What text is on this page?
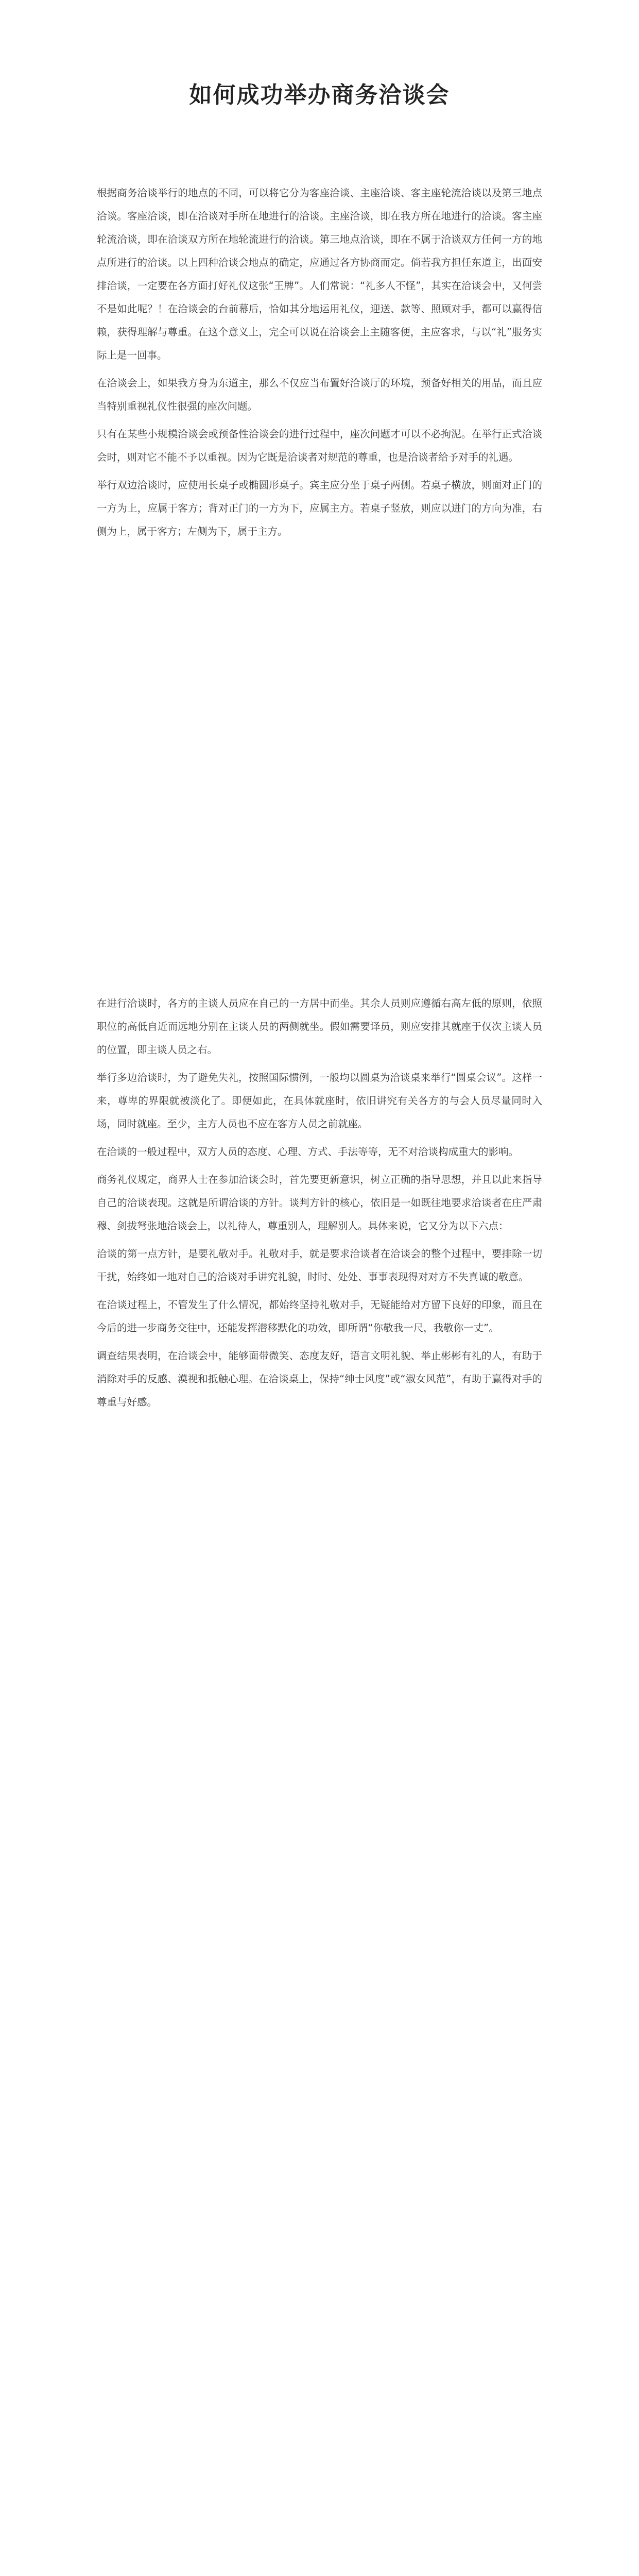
如何成功举办商务洽谈会

根据商务洽谈举行的地点的不同，可以将它分为客座洽谈、主座洽谈、客主座轮流洽谈以及第三地点洽谈。客座洽谈，即在洽谈对手所在地进行的洽谈。主座洽谈，即在我方所在地进行的洽谈。客主座轮流洽谈，即在洽谈双方所在地轮流进行的洽谈。第三地点洽谈，即在不属于洽谈双方任何一方的地点所进行的洽谈。以上四种洽谈会地点的确定，应通过各方协商而定。倘若我方担任东道主，出面安排洽谈，一定要在各方面打好礼仪这张“王牌”。人们常说：“礼多人不怪”，其实在洽谈会中，又何尝不是如此呢？！在洽谈会的台前幕后，恰如其分地运用礼仪，迎送、款等、照顾对手，都可以赢得信赖，获得理解与尊重。在这个意义上，完全可以说在洽谈会上主随客便，主应客求，与以“礼”服务实际上是一回事。

在洽谈会上，如果我方身为东道主，那么不仅应当布置好洽谈厅的环境，预备好相关的用品，而且应当特别重视礼仪性很强的座次问题。

只有在某些小规模洽谈会或预备性洽谈会的进行过程中，座次问题才可以不必拘泥。在举行正式洽谈会时，则对它不能不予以重视。因为它既是洽谈者对规范的尊重，也是洽谈者给予对手的礼遇。

举行双边洽谈时，应使用长桌子或椭圆形桌子。宾主应分坐于桌子两侧。若桌子横放，则面对正门的一方为上，应属于客方；背对正门的一方为下，应属主方。若桌子竖放，则应以进门的方向为准，右侧为上，属于客方；左侧为下，属于主方。

在进行洽谈时，各方的主谈人员应在自己的一方居中而坐。其余人员则应遵循右高左低的原则，依照职位的高低自近而远地分别在主谈人员的两侧就坐。假如需要译员，则应安排其就座于仅次主谈人员的位置，即主谈人员之右。

举行多边洽谈时，为了避免失礼，按照国际惯例，一般均以圆桌为洽谈桌来举行“圆桌会议”。这样一来，尊卑的界限就被淡化了。即便如此，在具体就座时，依旧讲究有关各方的与会人员尽量同时入场，同时就座。至少，主方人员也不应在客方人员之前就座。

在洽谈的一般过程中，双方人员的态度、心理、方式、手法等等，无不对洽谈构成重大的影响。

商务礼仪规定，商界人士在参加洽谈会时，首先要更新意识，树立正确的指导思想，并且以此来指导自己的洽谈表现。这就是所谓洽谈的方针。谈判方针的核心，依旧是一如既往地要求洽谈者在庄严肃穆、剑拔弩张地洽谈会上，以礼待人，尊重别人，理解别人。具体来说，它又分为以下六点：

洽谈的第一点方针，是要礼敬对手。礼敬对手，就是要求洽谈者在洽谈会的整个过程中，要排除一切干扰，始终如一地对自己的洽谈对手讲究礼貌，时时、处处、事事表现得对对方不失真诚的敬意。

在洽谈过程上，不管发生了什么情况，都始终坚持礼敬对手，无疑能给对方留下良好的印象，而且在今后的进一步商务交往中，还能发挥潜移默化的功效，即所谓“你敬我一尺，我敬你一丈”。

调查结果表明，在洽谈会中，能够面带微笑、态度友好，语言文明礼貌、举止彬彬有礼的人，有助于消除对手的反感、漠视和抵触心理。在洽谈桌上，保持“绅士风度”或“淑女风范”，有助于赢得对手的尊重与好感。
